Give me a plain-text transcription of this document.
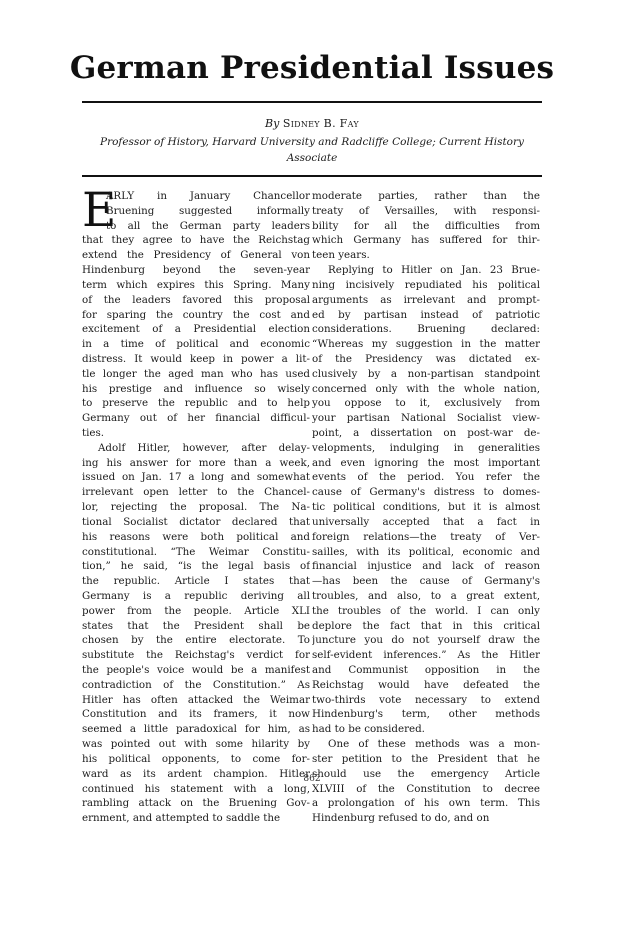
German Presidential Issues
By Sidney B. Fay
Professor of History, Harvard University and Radcliffe College; Current History
Associate
E
ARLY in January Chancellor
Bruening suggested informally
to all the German party leaders
that they agree to have the Reichstag
extend the Presidency of General von
Hindenburg beyond the seven-year
term which expires this Spring. Many
of the leaders favored this proposal
for sparing the country the cost and
excitement of a Presidential election
in a time of political and economic
distress. It would keep in power a lit-
tle longer the aged man who has used
his prestige and influence so wisely
to preserve the republic and to help
Germany out of her financial difficul-
ties.
Adolf Hitler, however, after delay-
ing his answer for more than a week,
issued on Jan. 17 a long and somewhat
irrelevant open letter to the Chancel-
lor, rejecting the proposal. The Na-
tional Socialist dictator declared that
his reasons were both political and
constitutional. “The Weimar Constitu-
tion,” he said, “is the legal basis of
the republic. Article I states that
Germany is a republic deriving all
power from the people. Article XLI
states that the President shall be
chosen by the entire electorate. To
substitute the Reichstag's verdict for
the people's voice would be a manifest
contradiction of the Constitution.” As
Hitler has often attacked the Weimar
Constitution and its framers, it now
seemed a little paradoxical for him, as
was pointed out with some hilarity by
his political opponents, to come for-
ward as its ardent champion. Hitler
continued his statement with a long,
rambling attack on the Bruening Gov-
ernment, and attempted to saddle the
moderate parties, rather than the
treaty of Versailles, with responsi-
bility for all the difficulties from
which Germany has suffered for thir-
teen years.
Replying to Hitler on Jan. 23 Brue-
ning incisively repudiated his political
arguments as irrelevant and prompt-
ed by partisan instead of patriotic
considerations. Bruening declared:
“Whereas my suggestion in the matter
of the Presidency was dictated ex-
clusively by a non-partisan standpoint
concerned only with the whole nation,
you oppose to it, exclusively from
your partisan National Socialist view-
point, a dissertation on post-war de-
velopments, indulging in generalities
and even ignoring the most important
events of the period. You refer the
cause of Germany's distress to domes-
tic political conditions, but it is almost
universally accepted that a fact in
foreign relations—the treaty of Ver-
sailles, with its political, economic and
financial injustice and lack of reason
—has been the cause of Germany's
troubles, and also, to a great extent,
the troubles of the world. I can only
deplore the fact that in this critical
juncture you do not yourself draw the
self-evident inferences.” As the Hitler
and Communist opposition in the
Reichstag would have defeated the
two-thirds vote necessary to extend
Hindenburg's term, other methods
had to be considered.
One of these methods was a mon-
ster petition to the President that he
should use the emergency Article
XLVIII of the Constitution to decree
a prolongation of his own term. This
Hindenburg refused to do, and on
862
